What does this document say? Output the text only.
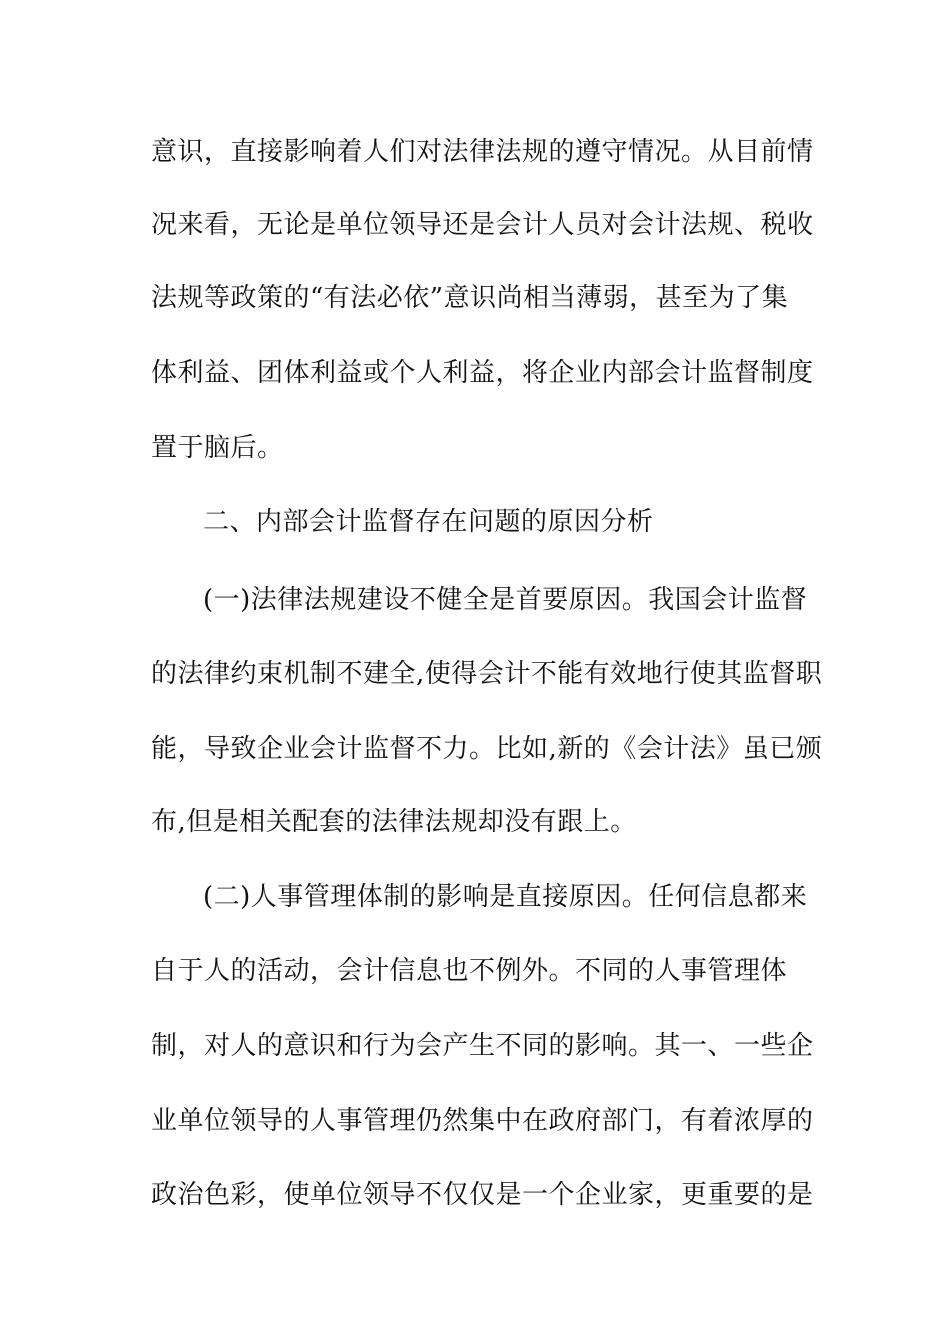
意识，直接影响着人们对法律法规的遵守情况。从目前情
况来看，无论是单位领导还是会计人员对会计法规、税收
法规等政策的“有法必依”意识尚相当薄弱，甚至为了集
体利益、团体利益或个人利益，将企业内部会计监督制度
置于脑后。
二、内部会计监督存在问题的原因分析
(一)法律法规建设不健全是首要原因。我国会计监督
的法律约束机制不建全,使得会计不能有效地行使其监督职
能，导致企业会计监督不力。比如,新的《会计法》虽已颁
布,但是相关配套的法律法规却没有跟上。
(二)人事管理体制的影响是直接原因。任何信息都来
自于人的活动，会计信息也不例外。不同的人事管理体
制，对人的意识和行为会产生不同的影响。其一、一些企
业单位领导的人事管理仍然集中在政府部门，有着浓厚的
政治色彩，使单位领导不仅仅是一个企业家，更重要的是
